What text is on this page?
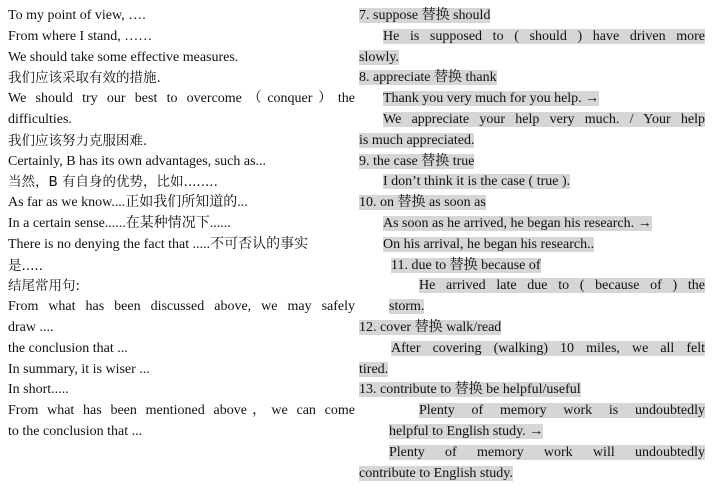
To my point of view, ….
From where I stand, ……
We should take some effective measures.
我们应该采取有效的措施.
We should try our best to overcome（conquer）the
difficulties.
我们应该努力克服困难.
Certainly, B has its own advantages, such as...
当然，B 有自身的优势，比如........
As far as we know....正如我们所知道的...
In a certain sense......在某种情况下......
There is no denying the fact that .....不可否认的事实
是.....
结尾常用句:
From what has been discussed above, we may safely
draw ....
the conclusion that ...
In summary, it is wiser ...
In short.....
From what has been mentioned above，we can come
to the conclusion that ...
7. suppose 替换 should
He is supposed to ( should ) have driven more
slowly.
8. appreciate 替换 thank
Thank you very much for you help. →
We appreciate your help very much. / Your help
is much appreciated.
9. the case 替换 true
I don’t think it is the case ( true ).
10. on 替换 as soon as
As soon as he arrived, he began his research. →
On his arrival, he began his research..
11. due to 替换 because of
He arrived late due to ( because of ) the
storm.
12. cover 替换 walk/read
After covering (walking) 10 miles, we all felt
tired.
13. contribute to 替换 be helpful/useful
Plenty of memory work is undoubtedly
helpful to English study. →
Plenty of memory work will undoubtedly
contribute to English study.
